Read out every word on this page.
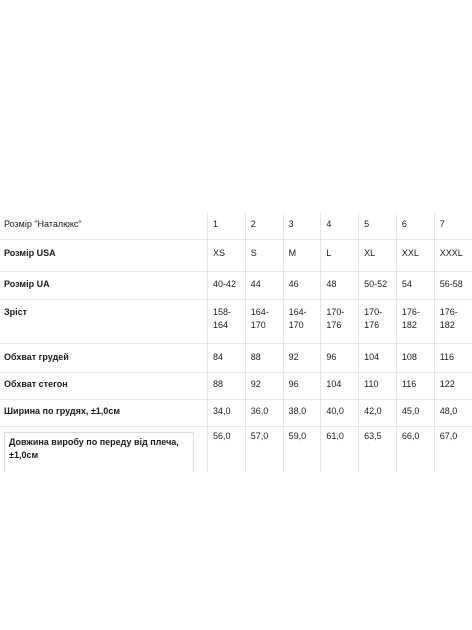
Розмір "Наталюкс"	1	2	3	4	5	6	7
Розмір USA	XS	S	M	L	XL	XXL	XXXL
Розмір UA	40-42	44	46	48	50-52	54	56-58
Зріст	158-164	164-170	164-170	170-176	170-176	176-182	176-182
Обхват грудей	84	88	92	96	104	108	116
Обхват стегон	88	92	96	104	110	116	122
Ширина по грудях, ±1,0см	34,0	36,0	38,0	40,0	42,0	45,0	48,0

Довжина виробу по переду від плеча, ±1,0см	56,0	57,0	59,0	61,0	63,5	66,0	67,0
